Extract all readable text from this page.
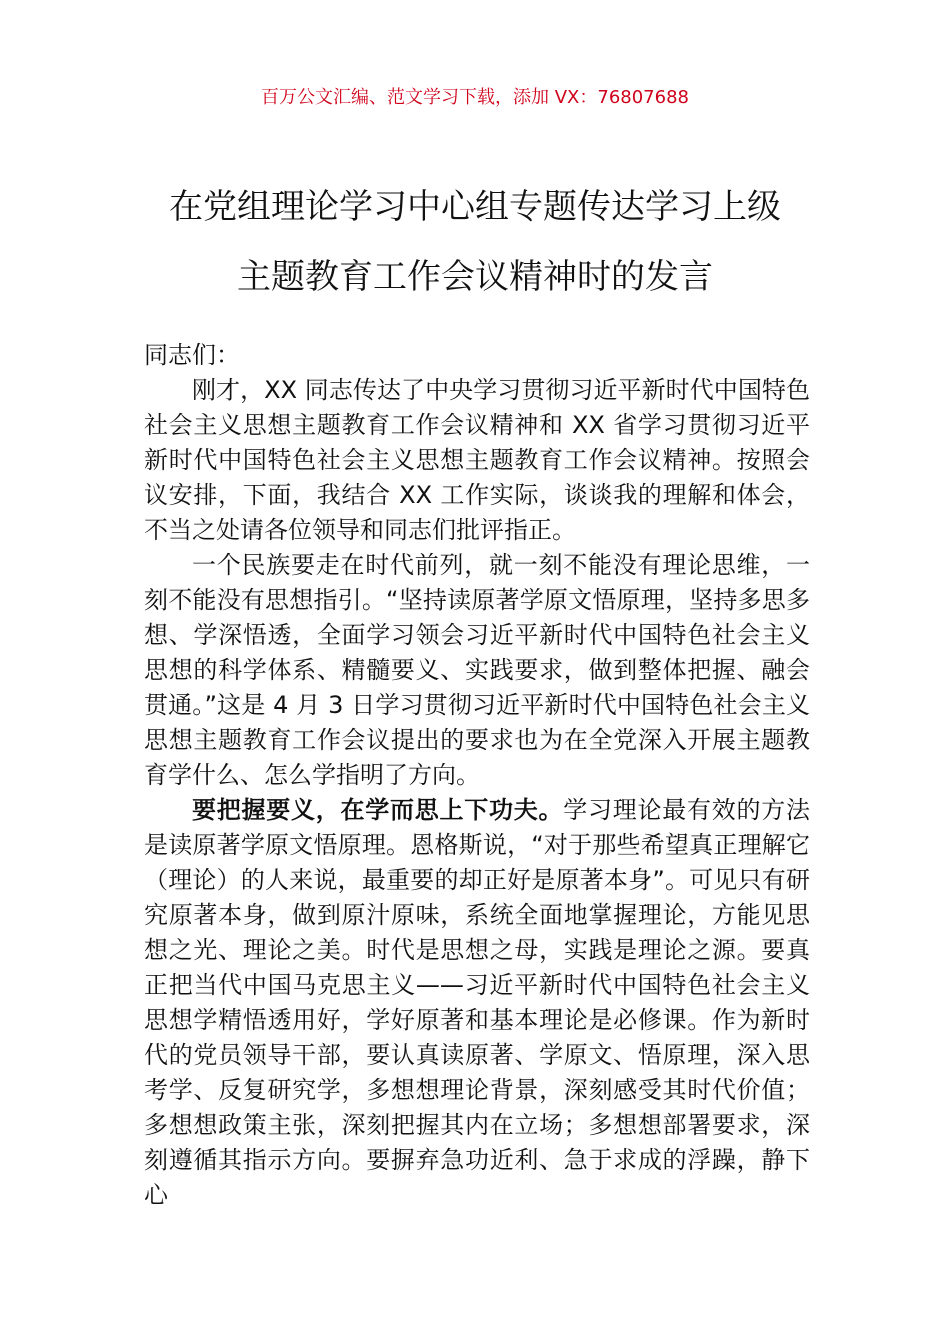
百万公文汇编、范文学习下载，添加 VX：76807688
在党组理论学习中心组专题传达学习上级
主题教育工作会议精神时的发言

同志们：

刚才，XX 同志传达了中央学习贯彻习近平新时代中国特色社会主义思想主题教育工作会议精神和 XX 省学习贯彻习近平新时代中国特色社会主义思想主题教育工作会议精神。按照会议安排，下面，我结合 XX 工作实际，谈谈我的理解和体会，不当之处请各位领导和同志们批评指正。

一个民族要走在时代前列，就一刻不能没有理论思维，一刻不能没有思想指引。“坚持读原著学原文悟原理，坚持多思多想、学深悟透，全面学习领会习近平新时代中国特色社会主义思想的科学体系、精髓要义、实践要求，做到整体把握、融会贯通。”这是 4 月 3 日学习贯彻习近平新时代中国特色社会主义思想主题教育工作会议提出的要求也为在全党深入开展主题教育学什么、怎么学指明了方向。

要把握要义，在学而思上下功夫。学习理论最有效的方法是读原著学原文悟原理。恩格斯说，“对于那些希望真正理解它（理论）的人来说，最重要的却正好是原著本身”。可见只有研究原著本身，做到原汁原味，系统全面地掌握理论，方能见思想之光、理论之美。时代是思想之母，实践是理论之源。要真正把当代中国马克思主义——习近平新时代中国特色社会主义思想学精悟透用好，学好原著和基本理论是必修课。作为新时代的党员领导干部，要认真读原著、学原文、悟原理，深入思考学、反复研究学，多想想理论背景，深刻感受其时代价值；多想想政策主张，深刻把握其内在立场；多想想部署要求，深刻遵循其指示方向。要摒弃急功近利、急于求成的浮躁，静下心
